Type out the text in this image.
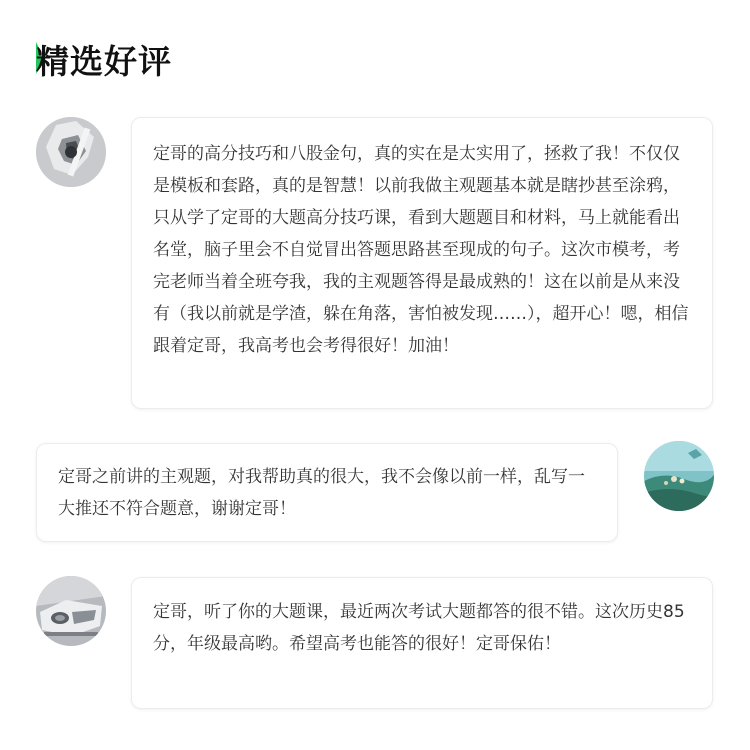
精选好评
定哥的高分技巧和八股金句，真的实在是太实用了，拯救了我！不仅仅是模板和套路，真的是智慧！以前我做主观题基本就是瞎抄甚至涂鸦，只从学了定哥的大题高分技巧课，看到大题题目和材料，马上就能看出名堂，脑子里会不自觉冒出答题思路甚至现成的句子。这次市模考，考完老师当着全班夸我，我的主观题答得是最成熟的！这在以前是从来没有（我以前就是学渣，躲在角落，害怕被发现……），超开心！嗯，相信跟着定哥，我高考也会考得很好！加油！
定哥之前讲的主观题，对我帮助真的很大，我不会像以前一样，乱写一大推还不符合题意，谢谢定哥！
定哥，听了你的大题课，最近两次考试大题都答的很不错。这次历史85分，年级最高哟。希望高考也能答的很好！定哥保佑！
